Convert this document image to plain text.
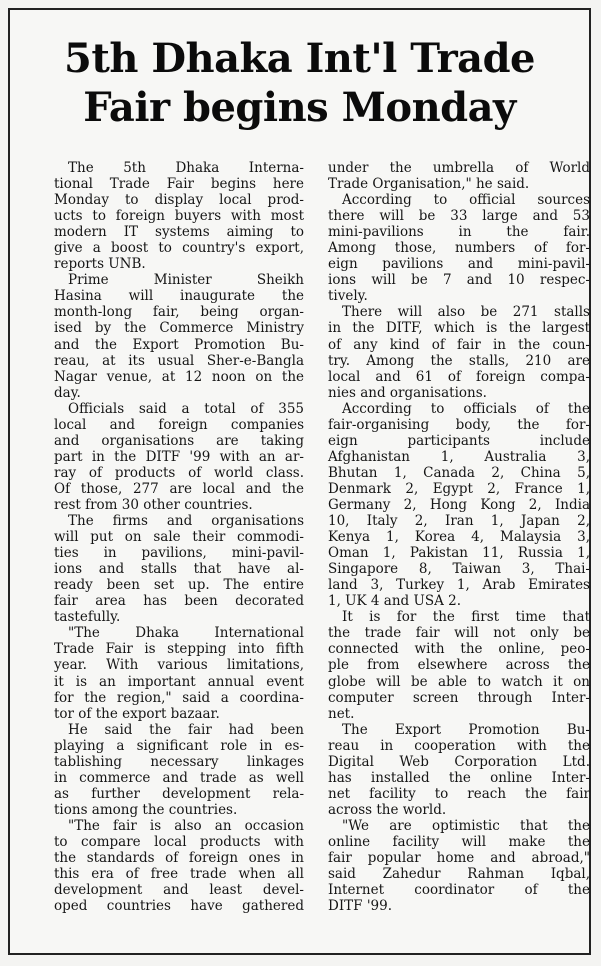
5th Dhaka Int'l Trade
Fair begins Monday

The 5th Dhaka Interna-
tional Trade Fair begins here
Monday to display local prod-
ucts to foreign buyers with most
modern IT systems aiming to
give a boost to country's export,
reports UNB.

Prime Minister Sheikh
Hasina will inaugurate the
month-long fair, being organ-
ised by the Commerce Ministry
and the Export Promotion Bu-
reau, at its usual Sher-e-Bangla
Nagar venue, at 12 noon on the
day.

Officials said a total of 355
local and foreign companies
and organisations are taking
part in the DITF '99 with an ar-
ray of products of world class.
Of those, 277 are local and the
rest from 30 other countries.

The firms and organisations
will put on sale their commodi-
ties in pavilions, mini-pavil-
ions and stalls that have al-
ready been set up. The entire
fair area has been decorated
tastefully.

"The Dhaka International
Trade Fair is stepping into fifth
year. With various limitations,
it is an important annual event
for the region," said a coordina-
tor of the export bazaar.

He said the fair had been
playing a significant role in es-
tablishing necessary linkages
in commerce and trade as well
as further development rela-
tions among the countries.

"The fair is also an occasion
to compare local products with
the standards of foreign ones in
this era of free trade when all
development and least devel-
oped countries have gathered

under the umbrella of World
Trade Organisation," he said.

According to official sources
there will be 33 large and 53
mini-pavilions in the fair.
Among those, numbers of for-
eign pavilions and mini-pavil-
ions will be 7 and 10 respec-
tively.

There will also be 271 stalls
in the DITF, which is the largest
of any kind of fair in the coun-
try. Among the stalls, 210 are
local and 61 of foreign compa-
nies and organisations.

According to officials of the
fair-organising body, the for-
eign participants include
Afghanistan 1, Australia 3,
Bhutan 1, Canada 2, China 5,
Denmark 2, Egypt 2, France 1,
Germany 2, Hong Kong 2, India
10, Italy 2, Iran 1, Japan 2,
Kenya 1, Korea 4, Malaysia 3,
Oman 1, Pakistan 11, Russia 1,
Singapore 8, Taiwan 3, Thai-
land 3, Turkey 1, Arab Emirates
1, UK 4 and USA 2.

It is for the first time that
the trade fair will not only be
connected with the online, peo-
ple from elsewhere across the
globe will be able to watch it on
computer screen through Inter-
net.

The Export Promotion Bu-
reau in cooperation with the
Digital Web Corporation Ltd.
has installed the online Inter-
net facility to reach the fair
across the world.

"We are optimistic that the
online facility will make the
fair popular home and abroad,"
said Zahedur Rahman Iqbal,
Internet coordinator of the
DITF '99.
